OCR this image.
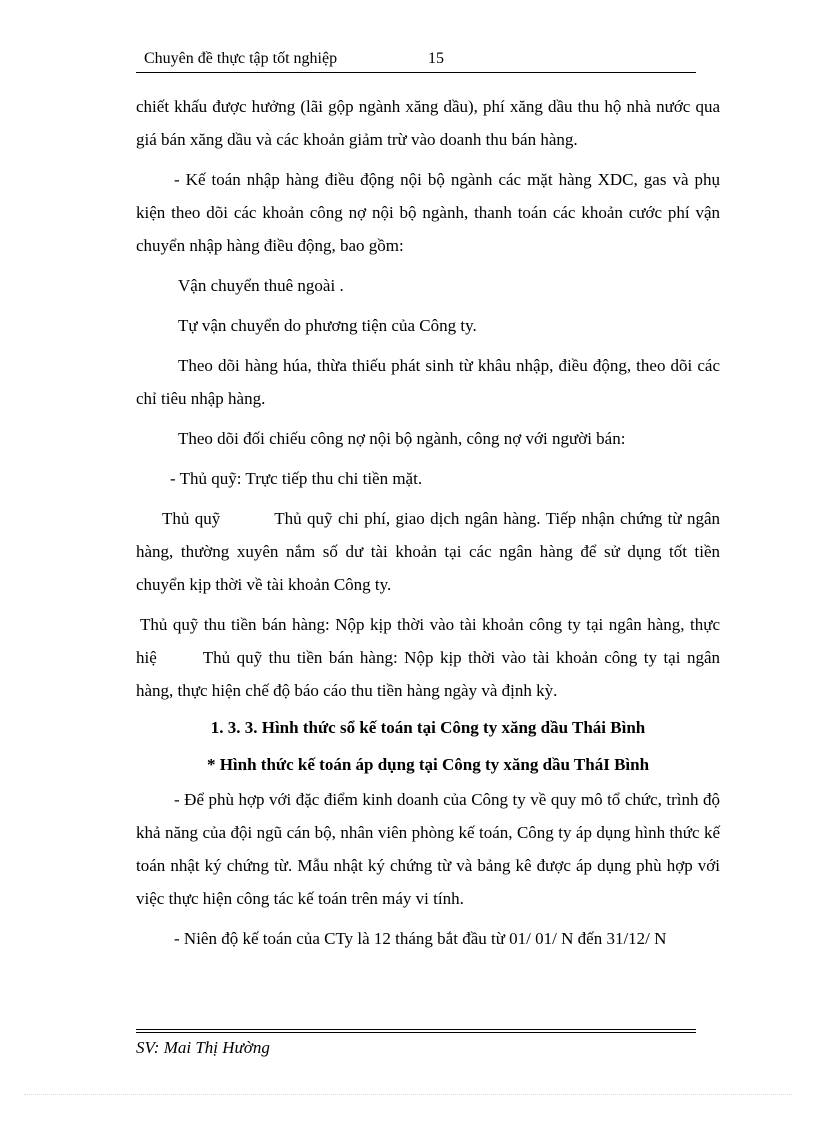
Chuyên đề thực tập tốt nghiệp	15

chiết khấu được hưởng (lãi gộp ngành xăng dầu), phí xăng dầu thu hộ nhà nước qua giá bán xăng dầu và các khoản giảm trừ vào doanh thu bán hàng.

- Kế toán nhập hàng điều động nội bộ ngành các mặt hàng XDC, gas và phụ kiện theo dõi các khoản công nợ nội bộ ngành, thanh toán các khoản cước phí vận chuyển nhập hàng điều động, bao gồm:

Vận chuyển thuê ngoài .

Tự vận chuyển do phương tiện của Công ty.

Theo dõi hàng húa, thừa thiếu phát sinh từ khâu nhập, điều động, theo dõi các chỉ tiêu nhập hàng.

Theo dõi đối chiếu công nợ nội bộ ngành, công nợ với người bán:

- Thủ quỹ: Trực tiếp thu chi tiền mặt.

Thủ quỹ	Thủ quỹ chi phí, giao dịch ngân hàng. Tiếp nhận chứng từ ngân hàng, thường xuyên nắm số dư tài khoản tại các ngân hàng để sử dụng tốt tiền chuyển kịp thời về tài khoản Công ty.

Thủ quỹ thu tiền bán hàng: Nộp kịp thời vào tài khoản công ty tại ngân hàng, thực hiệ	Thủ quỹ thu tiền bán hàng: Nộp kịp thời vào tài khoản công ty tại ngân hàng, thực hiện chế độ báo cáo thu tiền hàng ngày và định kỳ.

1. 3. 3. Hình thức sổ kế toán tại Công ty xăng dầu Thái Bình

* Hình thức kế toán áp dụng tại Công ty xăng dầu TháI Bình

- Để phù hợp với đặc điểm kinh doanh của Công ty về quy mô tổ chức, trình độ khả năng của đội ngũ cán bộ, nhân viên phòng kế toán, Công ty áp dụng hình thức kế toán nhật ký chứng từ. Mẫu nhật ký chứng từ và bảng kê được áp dụng phù hợp với việc thực hiện công tác kế toán trên máy vi tính.

- Niên độ kế toán của CTy là 12 tháng bắt đầu từ 01/ 01/ N đến 31/12/ N

SV: Mai Thị Hường
